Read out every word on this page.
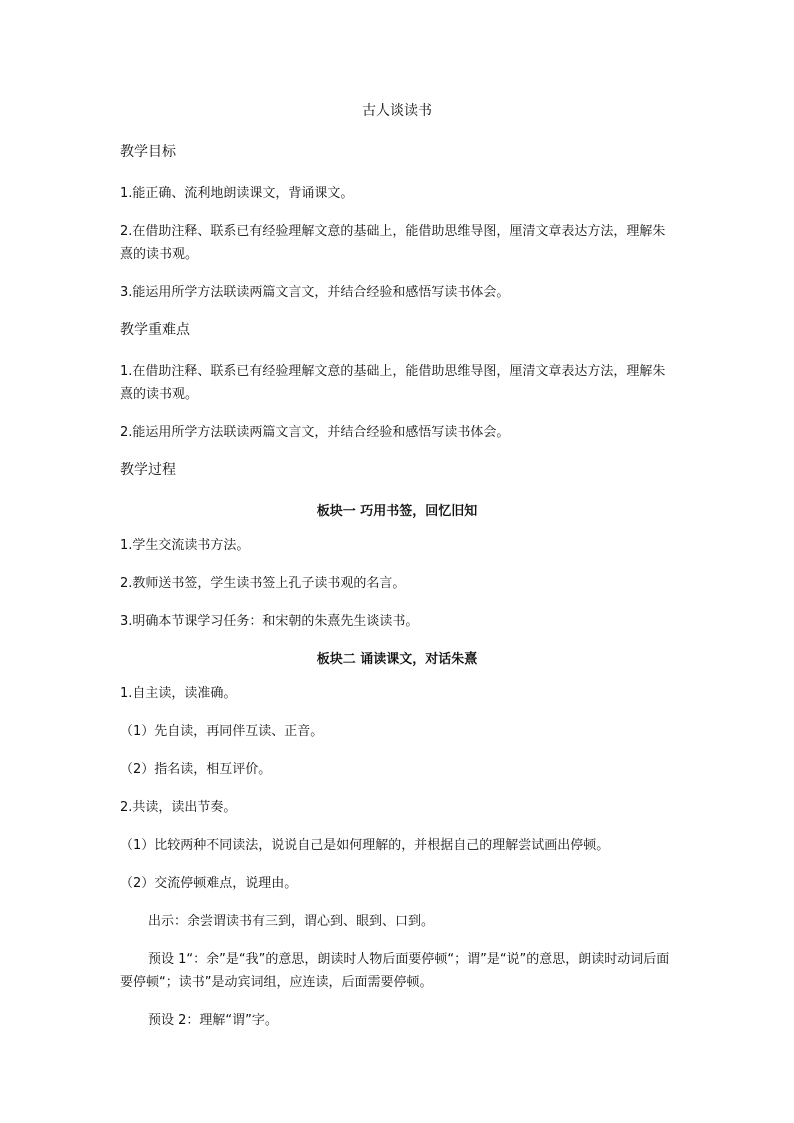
古人谈读书
教学目标
1.能正确、流利地朗读课文，背诵课文。
2.在借助注释、联系已有经验理解文意的基础上，能借助思维导图，厘清文章表达方法，理解朱熹的读书观。
3.能运用所学方法联读两篇文言文，并结合经验和感悟写读书体会。
教学重难点
1.在借助注释、联系已有经验理解文意的基础上，能借助思维导图，厘清文章表达方法，理解朱熹的读书观。
2.能运用所学方法联读两篇文言文，并结合经验和感悟写读书体会。
教学过程
板块一 巧用书签，回忆旧知
1.学生交流读书方法。
2.教师送书签，学生读书签上孔子读书观的名言。
3.明确本节课学习任务：和宋朝的朱熹先生谈读书。
板块二 诵读课文，对话朱熹
1.自主读，读准确。
（1）先自读，再同伴互读、正音。
（2）指名读，相互评价。
2.共读，读出节奏。
（1）比较两种不同读法，说说自己是如何理解的，并根据自己的理解尝试画出停顿。
（2）交流停顿难点，说理由。
出示：余尝谓读书有三到，谓心到、眼到、口到。
预设 1“：余”是“我”的意思，朗读时人物后面要停顿“；谓”是“说”的意思，朗读时动词后面要停顿“；读书”是动宾词组，应连读，后面需要停顿。
预设 2：理解“谓”字。
